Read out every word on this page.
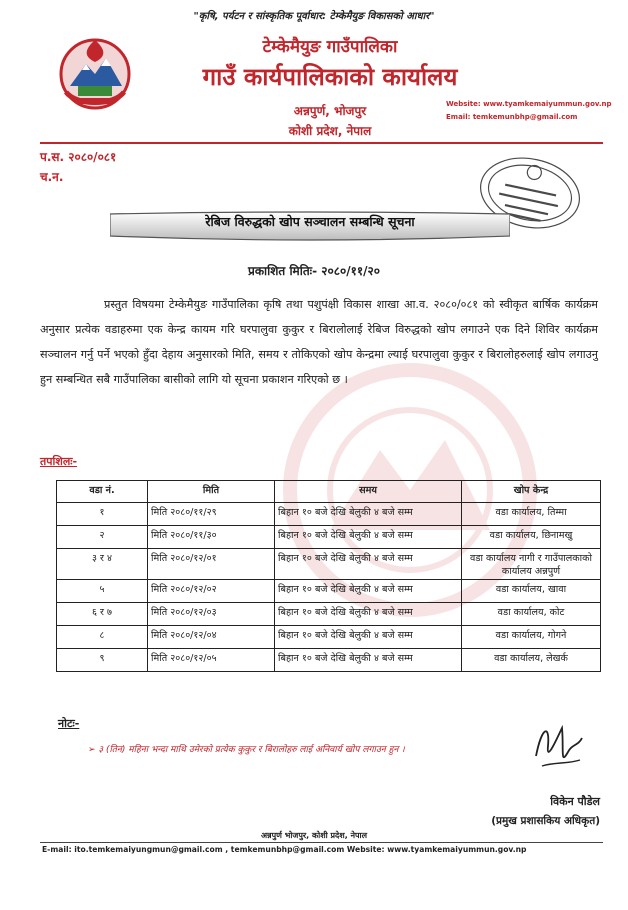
"कृषि, पर्यटन र सांस्कृतिक पूर्वाधार: टेम्केमैयुङ विकासको आधार"
टेम्केमैयुङ गाउँपालिका
गाउँ कार्यपालिकाको कार्यालय
अन्नपुर्ण, भोजपुर
कोशी प्रदेश, नेपाल
Website: www.tyamkemaiyummun.gov.np
Email: temkemunbhp@gmail.com
प.स. २०८०/०८१
च.न.
रेबिज विरुद्धको खोप सञ्चालन सम्बन्धि सूचना
प्रकाशित मितिः- २०८०/११/२०
प्रस्तुत विषयमा टेम्केमैयुङ गाउँपालिका कृषि तथा पशुपंक्षी विकास शाखा आ.व. २०८०/०८१ को स्वीकृत बार्षिक कार्यक्रम अनुसार प्रत्येक वडाहरुमा एक केन्द्र कायम गरि घरपालुवा कुकुर र बिरालोलाई रेबिज विरुद्धको खोप लगाउने एक दिने शिविर कार्यक्रम सञ्चालन गर्नु पर्ने भएको हुँदा देहाय अनुसारको मिति, समय र तोकिएको खोप केन्द्रमा ल्याई घरपालुवा कुकुर र बिरालोहरुलाई खोप लगाउनु हुन सम्बन्धित सबै गाउँपालिका बासीको लागि यो सूचना प्रकाशन गरिएको छ ।
तपशिलः-
वडा नं.	मिति	समय	खोप केन्द्र
१	मिति २०८०/११/२९	बिहान १० बजे देखि बेलुकी ४ बजे सम्म	वडा कार्यालय, तिम्मा
२	मिति २०८०/११/३०	बिहान १० बजे देखि बेलुकी ४ बजे सम्म	वडा कार्यालय, छिनामखु
३ र ४	मिति २०८०/१२/०१	बिहान १० बजे देखि बेलुकी ४ बजे सम्म	वडा कार्यालय नागी र गाउँपालकाको कार्यालय अन्नपुर्ण
५	मिति २०८०/१२/०२	बिहान १० बजे देखि बेलुकी ४ बजे सम्म	वडा कार्यालय, खावा
६ र ७	मिति २०८०/१२/०३	बिहान १० बजे देखि बेलुकी ४ बजे सम्म	वडा कार्यालय, कोट
८	मिति २०८०/१२/०४	बिहान १० बजे देखि बेलुकी ४ बजे सम्म	वडा कार्यालय, गोगने
९	मिति २०८०/१२/०५	बिहान १० बजे देखि बेलुकी ४ बजे सम्म	वडा कार्यालय, लेखर्क
नोटः-
➢ ३ (तिन) महिना भन्दा माथि उमेरको प्रत्येक कुकुर र बिरालोहरु लाई अनिवार्य खोप लगाउन हुन ।
विकेन पौडेल
(प्रमुख प्रशासकिय अधिकृत)
अन्नपुर्ण भोजपुर, कोशी प्रदेश, नेपाल
E-mail: ito.temkemaiyungmun@gmail.com , temkemunbhp@gmail.com Website: www.tyamkemaiyummun.gov.np
